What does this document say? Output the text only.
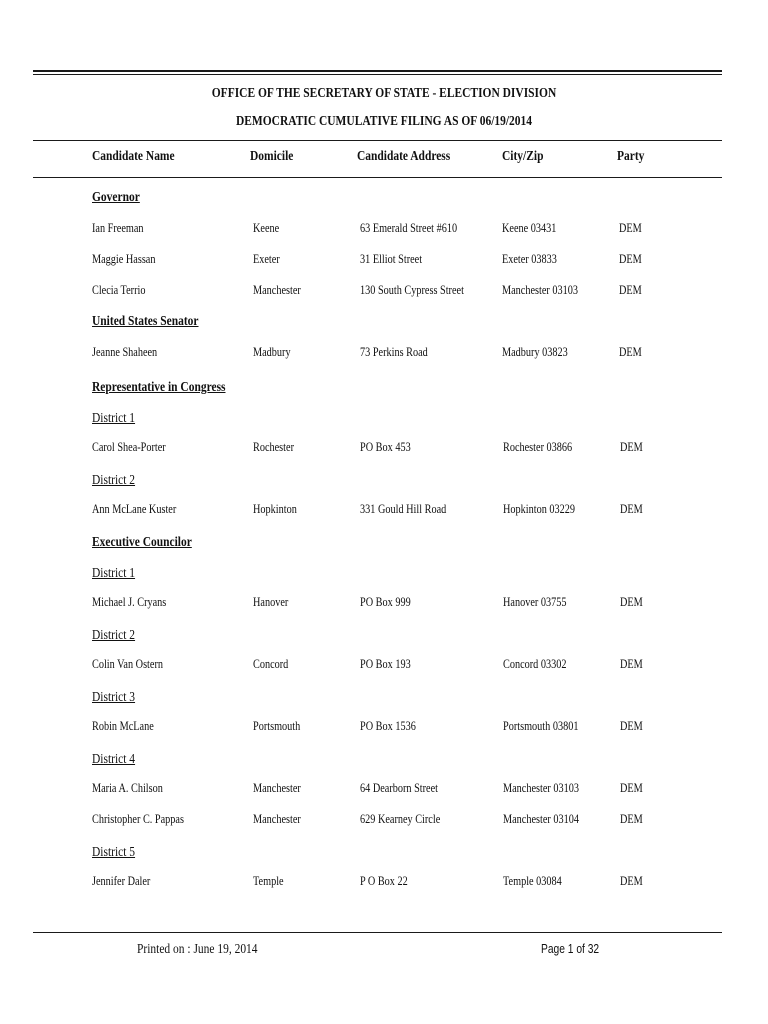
OFFICE OF THE SECRETARY OF STATE - ELECTION DIVISION
DEMOCRATIC CUMULATIVE FILING AS OF 06/19/2014
Candidate Name	Domicile	Candidate Address	City/Zip	Party
Governor
Ian Freeman	Keene	63 Emerald Street #610	Keene 03431	DEM
Maggie Hassan	Exeter	31 Elliot Street	Exeter 03833	DEM
Clecia Terrio	Manchester	130 South Cypress Street	Manchester 03103	DEM
United States Senator
Jeanne Shaheen	Madbury	73 Perkins Road	Madbury 03823	DEM
Representative in Congress
District 1
Carol Shea-Porter	Rochester	PO Box 453	Rochester 03866	DEM
District 2
Ann McLane Kuster	Hopkinton	331 Gould Hill Road	Hopkinton 03229	DEM
Executive Councilor
District 1
Michael J. Cryans	Hanover	PO Box 999	Hanover 03755	DEM
District 2
Colin Van Ostern	Concord	PO Box 193	Concord 03302	DEM
District 3
Robin McLane	Portsmouth	PO Box 1536	Portsmouth 03801	DEM
District 4
Maria A. Chilson	Manchester	64 Dearborn Street	Manchester 03103	DEM
Christopher C. Pappas	Manchester	629 Kearney Circle	Manchester 03104	DEM
District 5
Jennifer Daler	Temple	P O Box 22	Temple 03084	DEM
Printed on : June 19, 2014	Page 1 of 32
